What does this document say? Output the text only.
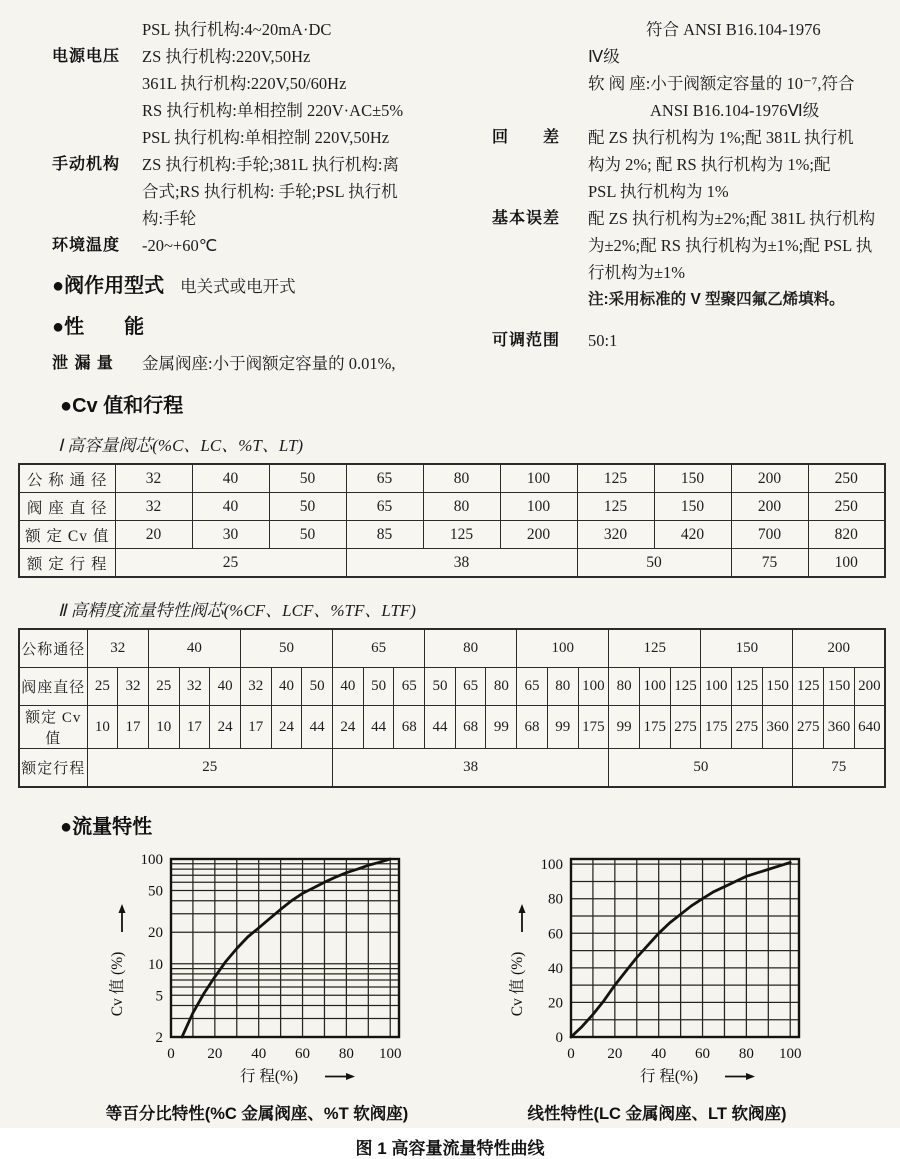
PSL 执行机构:4~20mA·DC
电源电压	ZS 执行机构:220V,50Hz
361L 执行机构:220V,50/60Hz
RS 执行机构:单相控制 220V·AC±5%
PSL 执行机构:单相控制 220V,50Hz
手动机构	ZS 执行机构:手轮;381L 执行机构:离
合式;RS 执行机构: 手轮;PSL 执行机
构:手轮
环境温度	-20~+60℃
●阀作用型式 电关式或电开式
●性　　能
泄 漏 量	金属阀座:小于阀额定容量的 0.01%,
符合 ANSI B16.104-1976
Ⅳ级
软 阀 座:小于阀额定容量的 10⁻⁷,符合
ANSI B16.104-1976Ⅵ级
回　　差	配 ZS 执行机构为 1%;配 381L 执行机
构为 2%; 配 RS 执行机构为 1%;配
PSL 执行机构为 1%
基本误差	配 ZS 执行机构为±2%;配 381L 执行机构
为±2%;配 RS 执行机构为±1%;配 PSL 执
行机构为±1%
注:采用标准的 V 型聚四氟乙烯填料。
可调范围	50:1
●Cv 值和行程
Ⅰ 高容量阀芯(%C、LC、%T、LT)
公 称 通 径	32	40	50	65	80	100	125	150	200	250
阀 座 直 径	32	40	50	65	80	100	125	150	200	250
额 定 Cv 值	20	30	50	85	125	200	320	420	700	820
额 定 行 程	25			38			50		75	100
Ⅱ 高精度流量特性阀芯(%CF、LCF、%TF、LTF)
公称通径	32		40			50			65			80			100			125			150			200		
阀座直径	25	32	25	32	40	32	40	50	40	50	65	50	65	80	65	80	100	80	100	125	100	125	150	125	150	200
额定 Cv 值	10	17	10	17	24	17	24	44	24	44	68	44	68	99	68	99	175	99	175	275	175	275	360	275	360	640
额定行程	25								38									50						75		
●流量特性
100
50
20
10
5
2
0 20 40 60 80 100
行 程(%)
Cv 值 (%)
等百分比特性(%C 金属阀座、%T 软阀座)
100
80
60
40
20
0
0 20 40 60 80 100
行 程(%)
Cv 值 (%)
线性特性(LC 金属阀座、LT 软阀座)
图 1 高容量流量特性曲线
